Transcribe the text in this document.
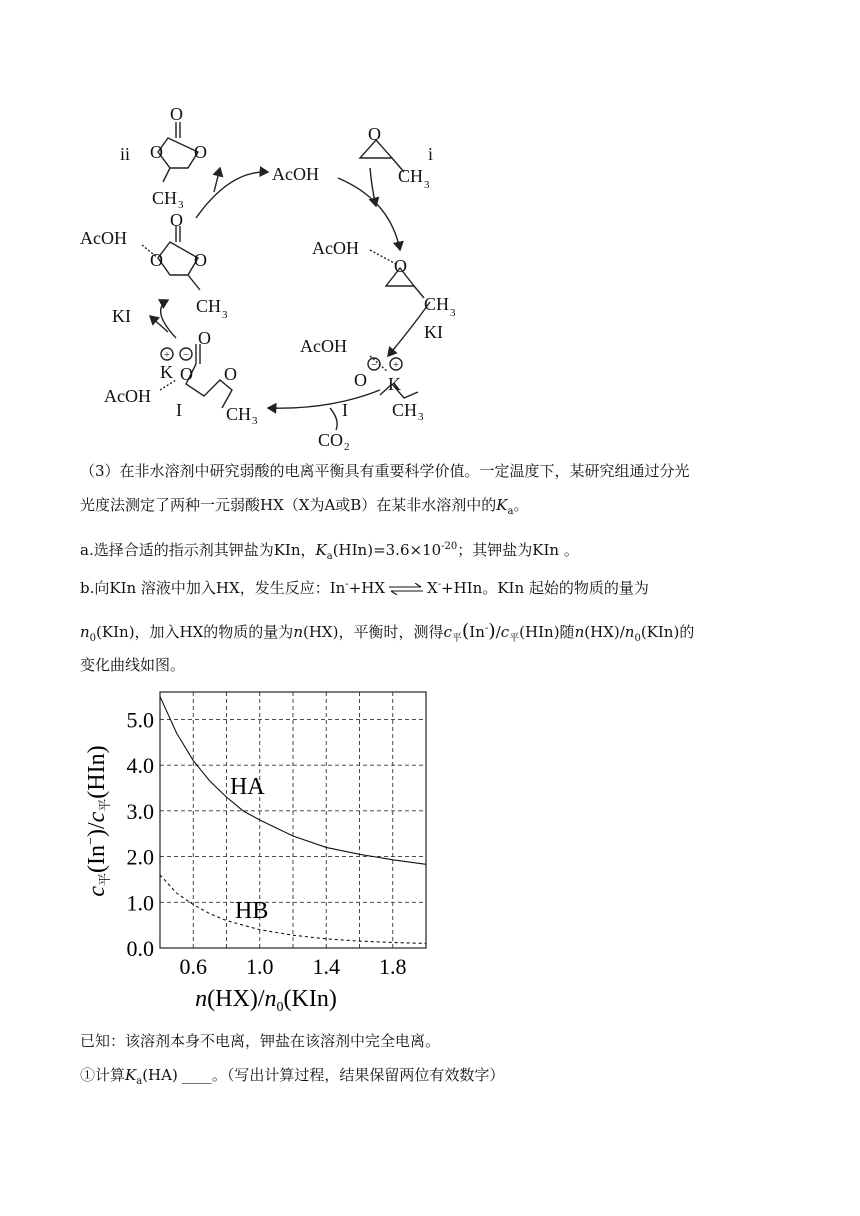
ii	i
O
O O
CH 3
AcOH
O
CH 3
AcOH
O
O O
CH 3
AcOH
O
CH 3
KI
KI
AcOH
O K
I CH 3
CO 2
O
O O
K
AcOH
I CH 3
+ −
− +
（3）在非水溶剂中研究弱酸的电离平衡具有重要科学价值。一定温度下，某研究组通过分光
光度法测定了两种一元弱酸HX（X为A或B）在某非水溶剂中的$K_a$。
a.选择合适的指示剂其钾盐为KIn，$K_a(HIn)=3.6\times 10^{-20}$；其钾盐为KIn 。
b.向KIn 溶液中加入HX，发生反应：In-+HX ⇌ X-+HIn。KIn 起始的物质的量为
$n_0(KIn)$，加入HX的物质的量为n(HX)，平衡时，测得$c_平(In^-)/c_平(HIn)$随$n(HX)/n_0(KIn)$的
变化曲线如图。
0.6 1.0 1.4 1.8
0.0
1.0
2.0
3.0
4.0
5.0
HA
HB
$n(HX)/n_0(KIn)$
$c_平(In^-)/c_平(HIn)$
已知：该溶剂本身不电离，钾盐在该溶剂中完全电离。
①计算$K_a(HA)$ ____。（写出计算过程，结果保留两位有效数字）
